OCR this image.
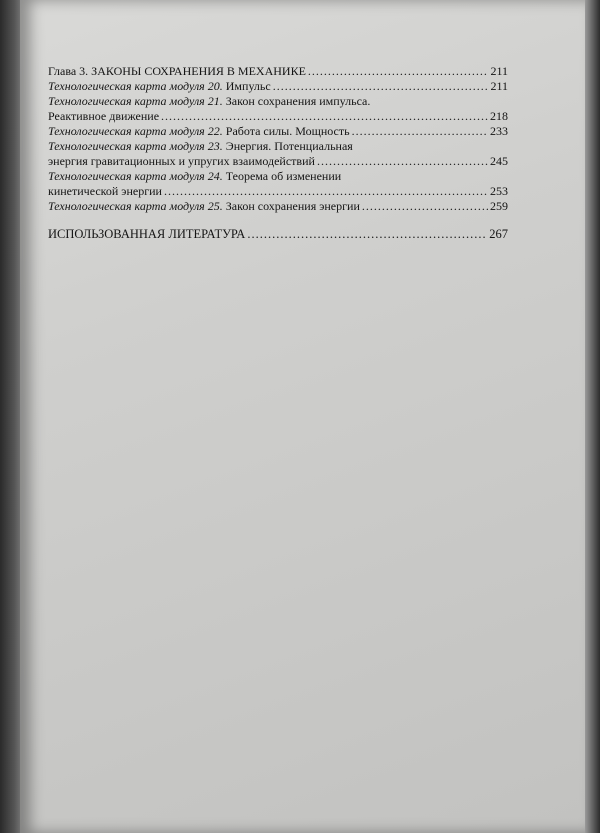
Глава 3. ЗАКОНЫ СОХРАНЕНИЯ В МЕХАНИКЕ .....	211
Технологическая карта модуля 20. Импульс .....	211
Технологическая карта модуля 21. Закон сохранения импульса.
Реактивное движение .....	218
Технологическая карта модуля 22. Работа силы. Мощность .....	233
Технологическая карта модуля 23. Энергия. Потенциальная
энергия гравитационных и упругих взаимодействий .....	245
Технологическая карта модуля 24. Теорема об изменении
кинетической энергии .....	253
Технологическая карта модуля 25. Закон сохранения энергии .....	259
ИСПОЛЬЗОВАННАЯ ЛИТЕРАТУРА .....	267
